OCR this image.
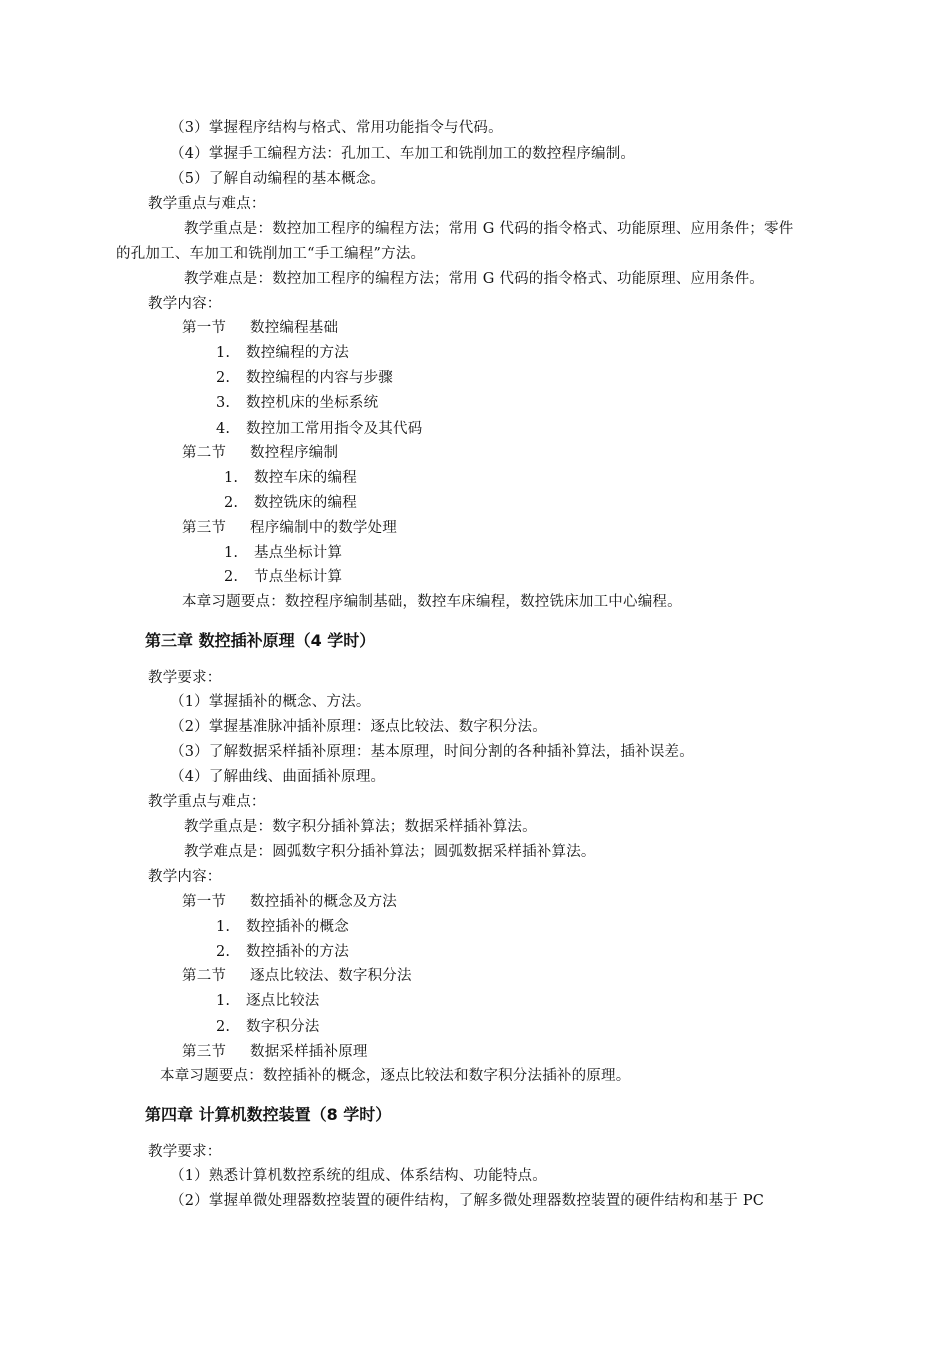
（3）掌握程序结构与格式、常用功能指令与代码。

（4）掌握手工编程方法：孔加工、车加工和铣削加工的数控程序编制。

（5）了解自动编程的基本概念。

教学重点与难点：

教学重点是：数控加工程序的编程方法；常用 G 代码的指令格式、功能原理、应用条件；零件

的孔加工、车加工和铣削加工“手工编程”方法。

教学难点是：数控加工程序的编程方法；常用 G 代码的指令格式、功能原理、应用条件。

教学内容：

第一节 数控编程基础

1. 数控编程的方法

2. 数控编程的内容与步骤

3. 数控机床的坐标系统

4. 数控加工常用指令及其代码

第二节 数控程序编制

1. 数控车床的编程

2. 数控铣床的编程

第三节 程序编制中的数学处理

1. 基点坐标计算

2. 节点坐标计算

本章习题要点：数控程序编制基础，数控车床编程，数控铣床加工中心编程。

第三章 数控插补原理（4 学时）

教学要求：

（1）掌握插补的概念、方法。

（2）掌握基准脉冲插补原理：逐点比较法、数字积分法。

（3）了解数据采样插补原理：基本原理，时间分割的各种插补算法，插补误差。

（4）了解曲线、曲面插补原理。

教学重点与难点：

教学重点是：数字积分插补算法；数据采样插补算法。

教学难点是：圆弧数字积分插补算法；圆弧数据采样插补算法。

教学内容：

第一节 数控插补的概念及方法

1. 数控插补的概念

2. 数控插补的方法

第二节 逐点比较法、数字积分法

1. 逐点比较法

2. 数字积分法

第三节 数据采样插补原理

本章习题要点：数控插补的概念，逐点比较法和数字积分法插补的原理。

第四章 计算机数控装置（8 学时）

教学要求：

（1）熟悉计算机数控系统的组成、体系结构、功能特点。

（2）掌握单微处理器数控装置的硬件结构，了解多微处理器数控装置的硬件结构和基于 PC
